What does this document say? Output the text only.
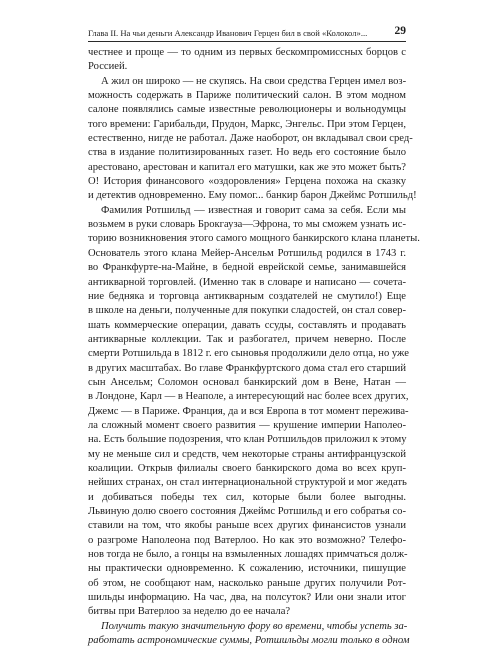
Глава II. На чьи деньги Александр Иванович Герцен бил в свой «Колокол»...	29
честнее и проще — то одним из первых бескомпромиссных борцов с
Россией.
А жил он широко — не скупясь. На свои средства Герцен имел воз-
можность содержать в Париже политический салон. В этом модном
салоне появлялись самые известные революционеры и вольнодумцы
того времени: Гарибальди, Прудон, Маркс, Энгельс. При этом Герцен,
естественно, нигде не работал. Даже наоборот, он вкладывал свои сред-
ства в издание политизированных газет. Но ведь его состояние было
арестовано, арестован и капитал его матушки, как же это может быть?
О! История финансового «оздоровления» Герцена похожа на сказку
и детектив одновременно. Ему помог... банкир барон Джеймс Ротшильд!
Фамилия Ротшильд — известная и говорит сама за себя. Если мы
возьмем в руки словарь Брокгауза—Эфрона, то мы сможем узнать ис-
торию возникновения этого самого мощного банкирского клана планеты.
Основатель этого клана Мейер-Ансельм Ротшильд родился в 1743 г.
во Франкфурте-на-Майне, в бедной еврейской семье, занимавшейся
антикварной торговлей. (Именно так в словаре и написано — сочета-
ние бедняка и торговца антикварным создателей не смутило!) Еще
в школе на деньги, полученные для покупки сладостей, он стал совер-
шать коммерческие операции, давать ссуды, составлять и продавать
антикварные коллекции. Так и разбогател, причем неверно. После
смерти Ротшильда в 1812 г. его сыновья продолжили дело отца, но уже
в других масштабах. Во главе Франкфуртского дома стал его старший
сын Ансельм; Соломон основал банкирский дом в Вене, Натан —
в Лондоне, Карл — в Неаполе, а интересующий нас более всех других,
Джемс — в Париже. Франция, да и вся Европа в тот момент пережива-
ла сложный момент своего развития — крушение империи Наполео-
на. Есть большие подозрения, что клан Ротшильдов приложил к этому
му не меньше сил и средств, чем некоторые страны антифранцузской
коалиции. Открыв филиалы своего банкирского дома во всех круп-
нейших странах, он стал интернациональной структурой и мог жедать
и добиваться победы тех сил, которые были более выгодны.
Львиную долю своего состояния Джеймс Ротшильд и его собратья со-
ставили на том, что якобы раньше всех других финансистов узнали
о разгроме Наполеона под Ватерлоо. Но как это возможно? Телефо-
нов тогда не было, а гонцы на взмыленных лошадях примчаться долж-
ны практически одновременно. К сожалению, источники, пишущие
об этом, не сообщают нам, насколько раньше других получили Рот-
шильды информацию. На час, два, на полсуток? Или они знали итог
битвы при Ватерлоо за неделю до ее начала?
Получить такую значительную фору во времени, чтобы успеть за-
работать астрономические суммы, Ротшильды могли только в одном
